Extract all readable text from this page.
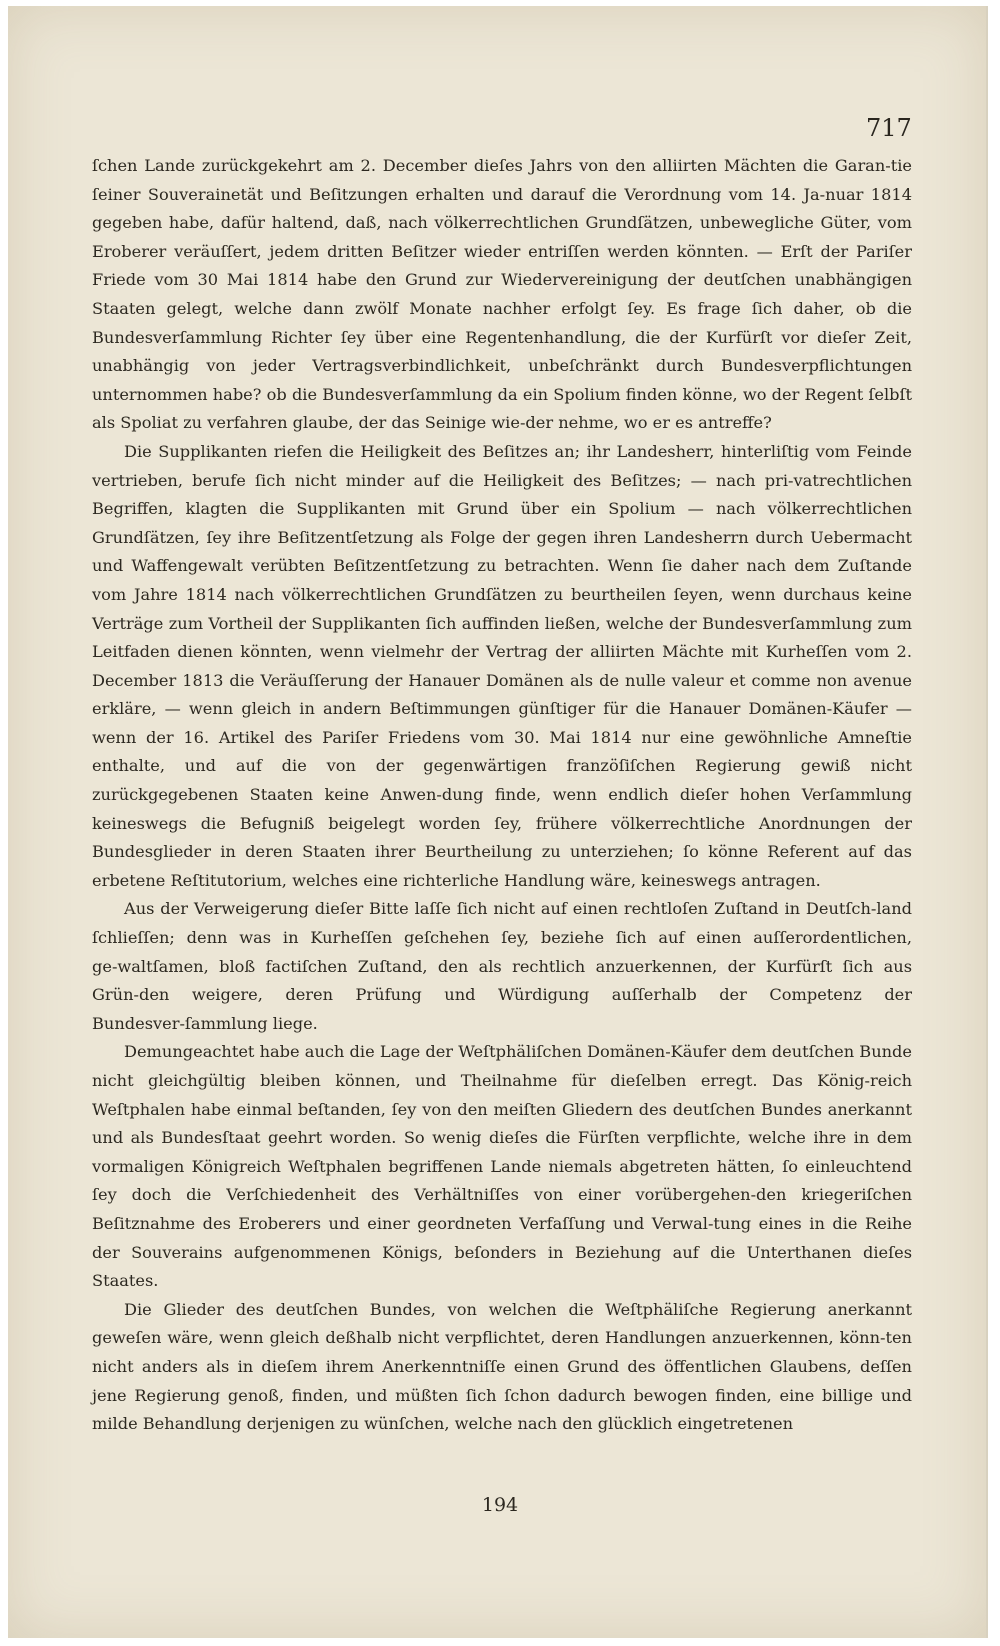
717

ſchen Lande zurückgekehrt am 2. December dieſes Jahrs von den alliirten Mächten die Garan‑tie ſeiner Souverainetät und Beſitzungen erhalten und darauf die Verordnung vom 14. Ja‑nuar 1814 gegeben habe, dafür haltend, daß, nach völkerrechtlichen Grundſätzen, unbewegliche Güter, vom Eroberer veräuſſert, jedem dritten Beſitzer wieder entriſſen werden könnten. — Erſt der Pariſer Friede vom 30 Mai 1814 habe den Grund zur Wiedervereinigung der deutſchen unabhängigen Staaten gelegt, welche dann zwölf Monate nachher erfolgt ſey. Es frage ſich daher, ob die Bundesverſammlung Richter ſey über eine Regentenhandlung, die der Kurfürſt vor dieſer Zeit, unabhängig von jeder Vertragsverbindlichkeit, unbeſchränkt durch Bundesverpflichtungen unternommen habe? ob die Bundesverſammlung da ein Spolium finden könne, wo der Regent ſelbſt als Spoliat zu verfahren glaube, der das Seinige wie‑der nehme, wo er es antreffe?

Die Supplikanten riefen die Heiligkeit des Beſitzes an; ihr Landesherr, hinterliſtig vom Feinde vertrieben, berufe ſich nicht minder auf die Heiligkeit des Beſitzes; — nach pri‑vatrechtlichen Begriffen, klagten die Supplikanten mit Grund über ein Spolium — nach völkerrechtlichen Grundſätzen, ſey ihre Beſitzentſetzung als Folge der gegen ihren Landesherrn durch Uebermacht und Waffengewalt verübten Beſitzentſetzung zu betrachten. Wenn ſie daher nach dem Zuſtande vom Jahre 1814 nach völkerrechtlichen Grundſätzen zu beurtheilen ſeyen, wenn durchaus keine Verträge zum Vortheil der Supplikanten ſich auffinden ließen, welche der Bundesverſammlung zum Leitfaden dienen könnten, wenn vielmehr der Vertrag der alliirten Mächte mit Kurheſſen vom 2. December 1813 die Veräuſſerung der Hanauer Domänen als de nulle valeur et comme non avenue erkläre, — wenn gleich in andern Beſtimmungen günſtiger für die Hanauer Domänen‑Käufer — wenn der 16. Artikel des Pariſer Friedens vom 30. Mai 1814 nur eine gewöhnliche Amneſtie enthalte, und auf die von der gegenwärtigen franzöſiſchen Regierung gewiß nicht zurückgegebenen Staaten keine Anwen‑dung finde, wenn endlich dieſer hohen Verſammlung keineswegs die Befugniß beigelegt worden ſey, frühere völkerrechtliche Anordnungen der Bundesglieder in deren Staaten ihrer Beurtheilung zu unterziehen; ſo könne Referent auf das erbetene Reſtitutorium, welches eine richterliche Handlung wäre, keineswegs antragen.

Aus der Verweigerung dieſer Bitte laſſe ſich nicht auf einen rechtloſen Zuſtand in Deutſch‑land ſchlieſſen; denn was in Kurheſſen geſchehen ſey, beziehe ſich auf einen auſſerordentlichen, ge‑waltſamen, bloß factiſchen Zuſtand, den als rechtlich anzuerkennen, der Kurfürſt ſich aus Grün‑den weigere, deren Prüfung und Würdigung auſſerhalb der Competenz der Bundesver‑ſammlung liege.

Demungeachtet habe auch die Lage der Weſtphäliſchen Domänen‑Käufer dem deutſchen Bunde nicht gleichgültig bleiben können, und Theilnahme für dieſelben erregt. Das König‑reich Weſtphalen habe einmal beſtanden, ſey von den meiſten Gliedern des deutſchen Bundes anerkannt und als Bundesſtaat geehrt worden. So wenig dieſes die Fürſten verpflichte, welche ihre in dem vormaligen Königreich Weſtphalen begriffenen Lande niemals abgetreten hätten, ſo einleuchtend ſey doch die Verſchiedenheit des Verhältniſſes von einer vorübergehen‑den kriegeriſchen Beſitznahme des Eroberers und einer geordneten Verfaſſung und Verwal‑tung eines in die Reihe der Souverains aufgenommenen Königs, beſonders in Beziehung auf die Unterthanen dieſes Staates.

Die Glieder des deutſchen Bundes, von welchen die Weſtphäliſche Regierung anerkannt geweſen wäre, wenn gleich deßhalb nicht verpflichtet, deren Handlungen anzuerkennen, könn‑ten nicht anders als in dieſem ihrem Anerkenntniſſe einen Grund des öffentlichen Glaubens, deſſen jene Regierung genoß, finden, und müßten ſich ſchon dadurch bewogen finden, eine billige und milde Behandlung derjenigen zu wünſchen, welche nach den glücklich eingetretenen

194
